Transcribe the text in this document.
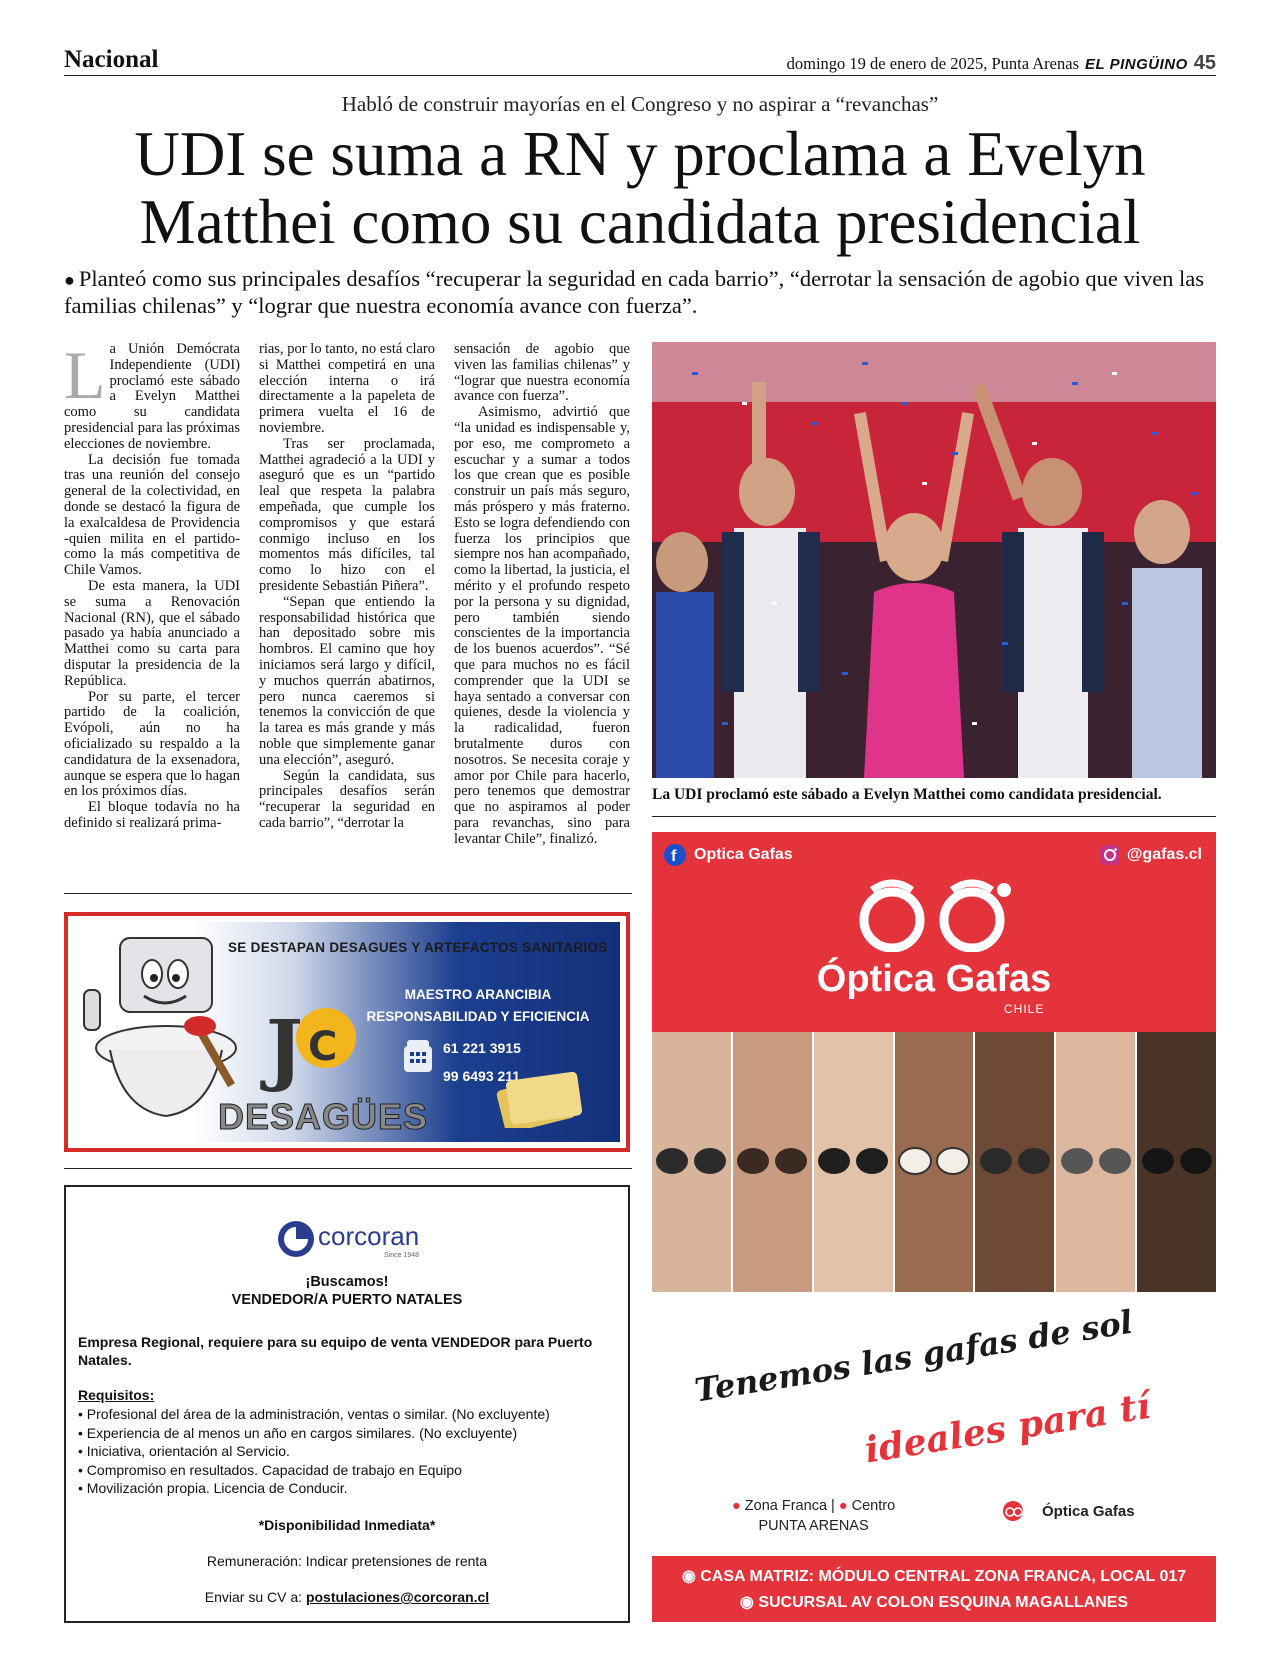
Nacional	domingo 19 de enero de 2025, Punta Arenas EL PINGÜINO 45
Habló de construir mayorías en el Congreso y no aspirar a “revanchas”
UDI se suma a RN y proclama a Evelyn
Matthei como su candidata presidencial
● Planteó como sus principales desafíos “recuperar la seguridad en cada barrio”, “derrotar la sensación de agobio que viven las familias chilenas” y “lograr que nuestra economía avance con fuerza”.
L a Unión Demócrata Independiente (UDI) proclamó este sábado a Evelyn Matthei como su candidata presidencial para las próximas elecciones de noviembre.

La decisión fue tomada tras una reunión del consejo general de la colectividad, en donde se destacó la figura de la exalcaldesa de Providencia -quien milita en el partido- como la más competitiva de Chile Vamos.

De esta manera, la UDI se suma a Renovación Nacional (RN), que el sábado pasado ya había anunciado a Matthei como su carta para disputar la presidencia de la República.

Por su parte, el tercer partido de la coalición, Evópoli, aún no ha oficializado su respaldo a la candidatura de la exsenadora, aunque se espera que lo hagan en los próximos días.

El bloque todavía no ha definido si realizará prima-

rias, por lo tanto, no está claro si Matthei competirá en una elección interna o irá directamente a la papeleta de primera vuelta el 16 de noviembre.

Tras ser proclamada, Matthei agradeció a la UDI y aseguró que es un “partido leal que respeta la palabra empeñada, que cumple los compromisos y que estará conmigo incluso en los momentos más difíciles, tal como lo hizo con el presidente Sebastián Piñera”.

“Sepan que entiendo la responsabilidad histórica que han depositado sobre mis hombros. El camino que hoy iniciamos será largo y difícil, y muchos querrán abatirnos, pero nunca caeremos si tenemos la convicción de que la tarea es más grande y más noble que simplemente ganar una elección”, aseguró.

Según la candidata, sus principales desafíos serán “recuperar la seguridad en cada barrio”, “derrotar la

sensación de agobio que viven las familias chilenas” y “lograr que nuestra economía avance con fuerza”.

Asimismo, advirtió que “la unidad es indispensable y, por eso, me comprometo a escuchar y a sumar a todos los que crean que es posible construir un país más seguro, más próspero y más fraterno. Esto se logra defendiendo con fuerza los principios que siempre nos han acompañado, como la libertad, la justicia, el mérito y el profundo respeto por la persona y su dignidad, pero también siendo conscientes de la importancia de los buenos acuerdos”. “Sé que para muchos no es fácil comprender que la UDI se haya sentado a conversar con quienes, desde la violencia y la radicalidad, fueron brutalmente duros con nosotros. Se necesita coraje y amor por Chile para hacerlo, pero tenemos que demostrar que no aspiramos al poder para revanchas, sino para levantar Chile”, finalizó.

La UDI proclamó este sábado a Evelyn Matthei como candidata presidencial.
SE DESTAPAN DESAGUES Y ARTEFACTOS SANITARIOS
J C
MAESTRO ARANCIBIA
RESPONSABILIDAD Y EFICIENCIA
61 221 3915
99 6493 211
DESAGÜES
corcoran
Since 1948
¡Buscamos!
VENDEDOR/A PUERTO NATALES
Empresa Regional, requiere para su equipo de venta VENDEDOR para Puerto Natales.
Requisitos:
• Profesional del área de la administración, ventas o similar. (No excluyente)
• Experiencia de al menos un año en cargos similares. (No excluyente)
• Iniciativa, orientación al Servicio.
• Compromiso en resultados. Capacidad de trabajo en Equipo
• Movilización propia. Licencia de Conducir.
*Disponibilidad Inmediata*
Remuneración: Indicar pretensiones de renta
Enviar su CV a: postulaciones@corcoran.cl
f Optica Gafas	@gafas.cl
Óptica Gafas
CHILE
Tenemos las gafas de sol
ideales para tí
● Zona Franca | ● Centro
PUNTA ARENAS
Óptica Gafas
◉ CASA MATRIZ: MÓDULO CENTRAL ZONA FRANCA, LOCAL 017
◉ SUCURSAL AV COLON ESQUINA MAGALLANES
